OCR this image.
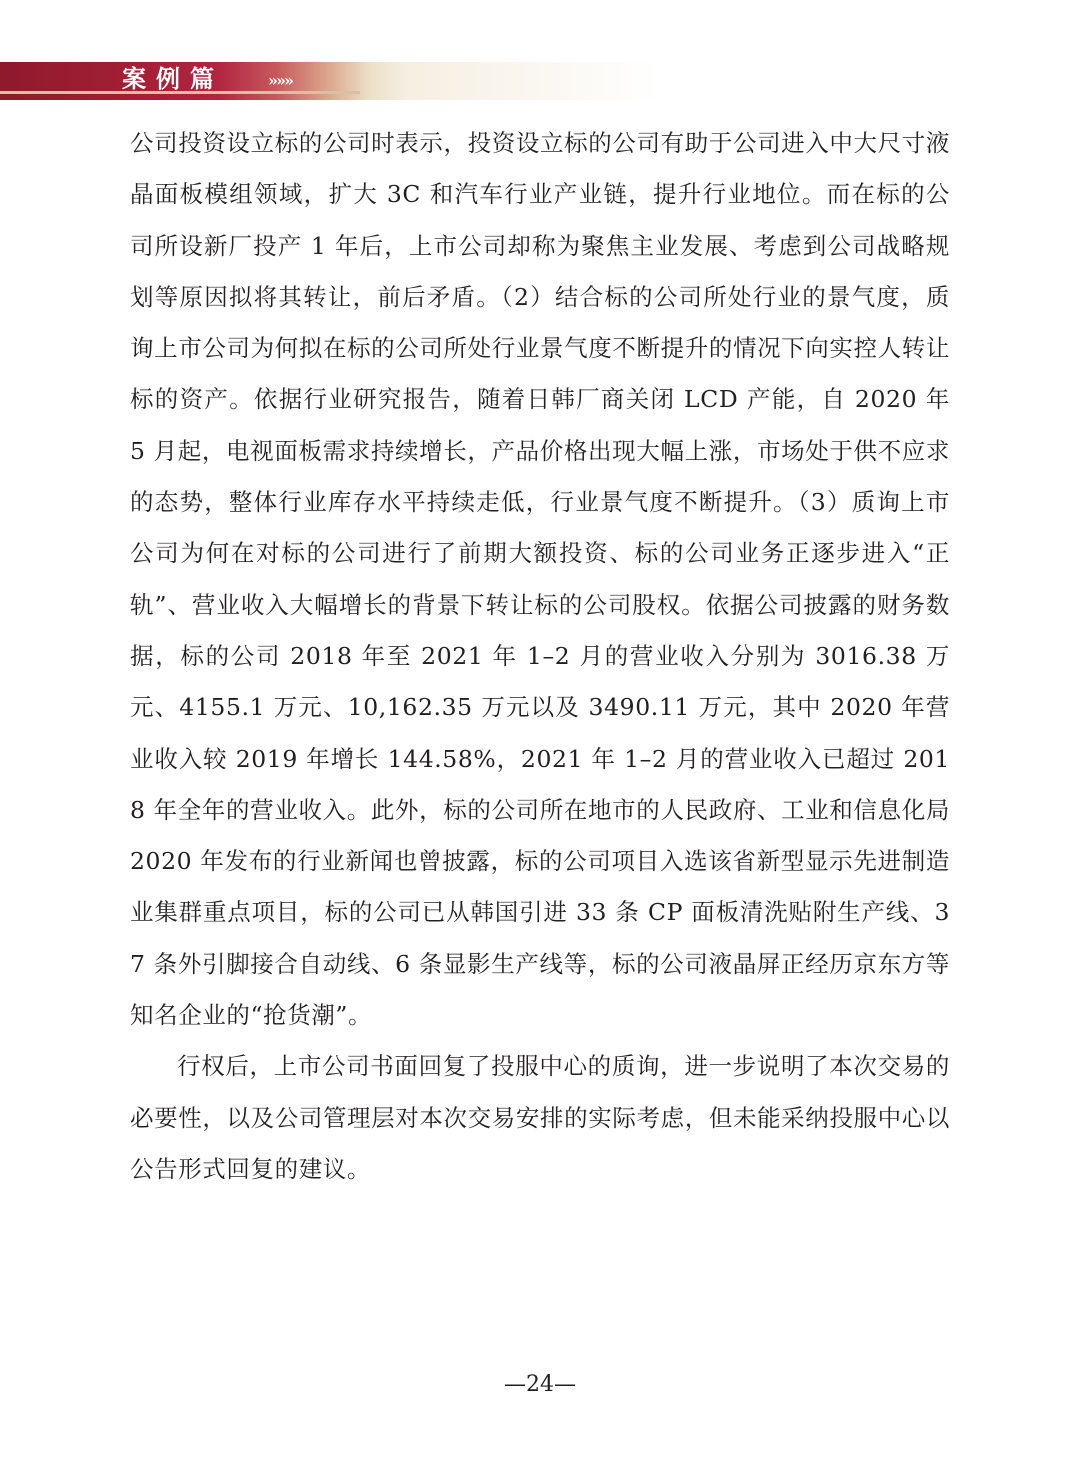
案例篇	»»»

公司投资设立标的公司时表示，投资设立标的公司有助于公司进入中大尺寸液晶面板模组领域，扩大 3C 和汽车行业产业链，提升行业地位。而在标的公司所设新厂投产 1 年后，上市公司却称为聚焦主业发展、考虑到公司战略规划等原因拟将其转让，前后矛盾。（2）结合标的公司所处行业的景气度，质询上市公司为何拟在标的公司所处行业景气度不断提升的情况下向实控人转让标的资产。依据行业研究报告，随着日韩厂商关闭 LCD 产能，自 2020 年 5 月起，电视面板需求持续增长，产品价格出现大幅上涨，市场处于供不应求的态势，整体行业库存水平持续走低，行业景气度不断提升。（3）质询上市公司为何在对标的公司进行了前期大额投资、标的公司业务正逐步进入“正轨”、营业收入大幅增长的背景下转让标的公司股权。依据公司披露的财务数据，标的公司 2018 年至 2021 年 1–2 月的营业收入分别为 3016.38 万元、4155.1 万元、10,162.35 万元以及 3490.11 万元，其中 2020 年营业收入较 2019 年增长 144.58%，2021 年 1–2 月的营业收入已超过 2018 年全年的营业收入。此外，标的公司所在地市的人民政府、工业和信息化局 2020 年发布的行业新闻也曾披露，标的公司项目入选该省新型显示先进制造业集群重点项目，标的公司已从韩国引进 33 条 CP 面板清洗贴附生产线、37 条外引脚接合自动线、6 条显影生产线等，标的公司液晶屏正经历京东方等知名企业的“抢货潮”。

行权后，上市公司书面回复了投服中心的质询，进一步说明了本次交易的必要性，以及公司管理层对本次交易安排的实际考虑，但未能采纳投服中心以公告形式回复的建议。

—24—
